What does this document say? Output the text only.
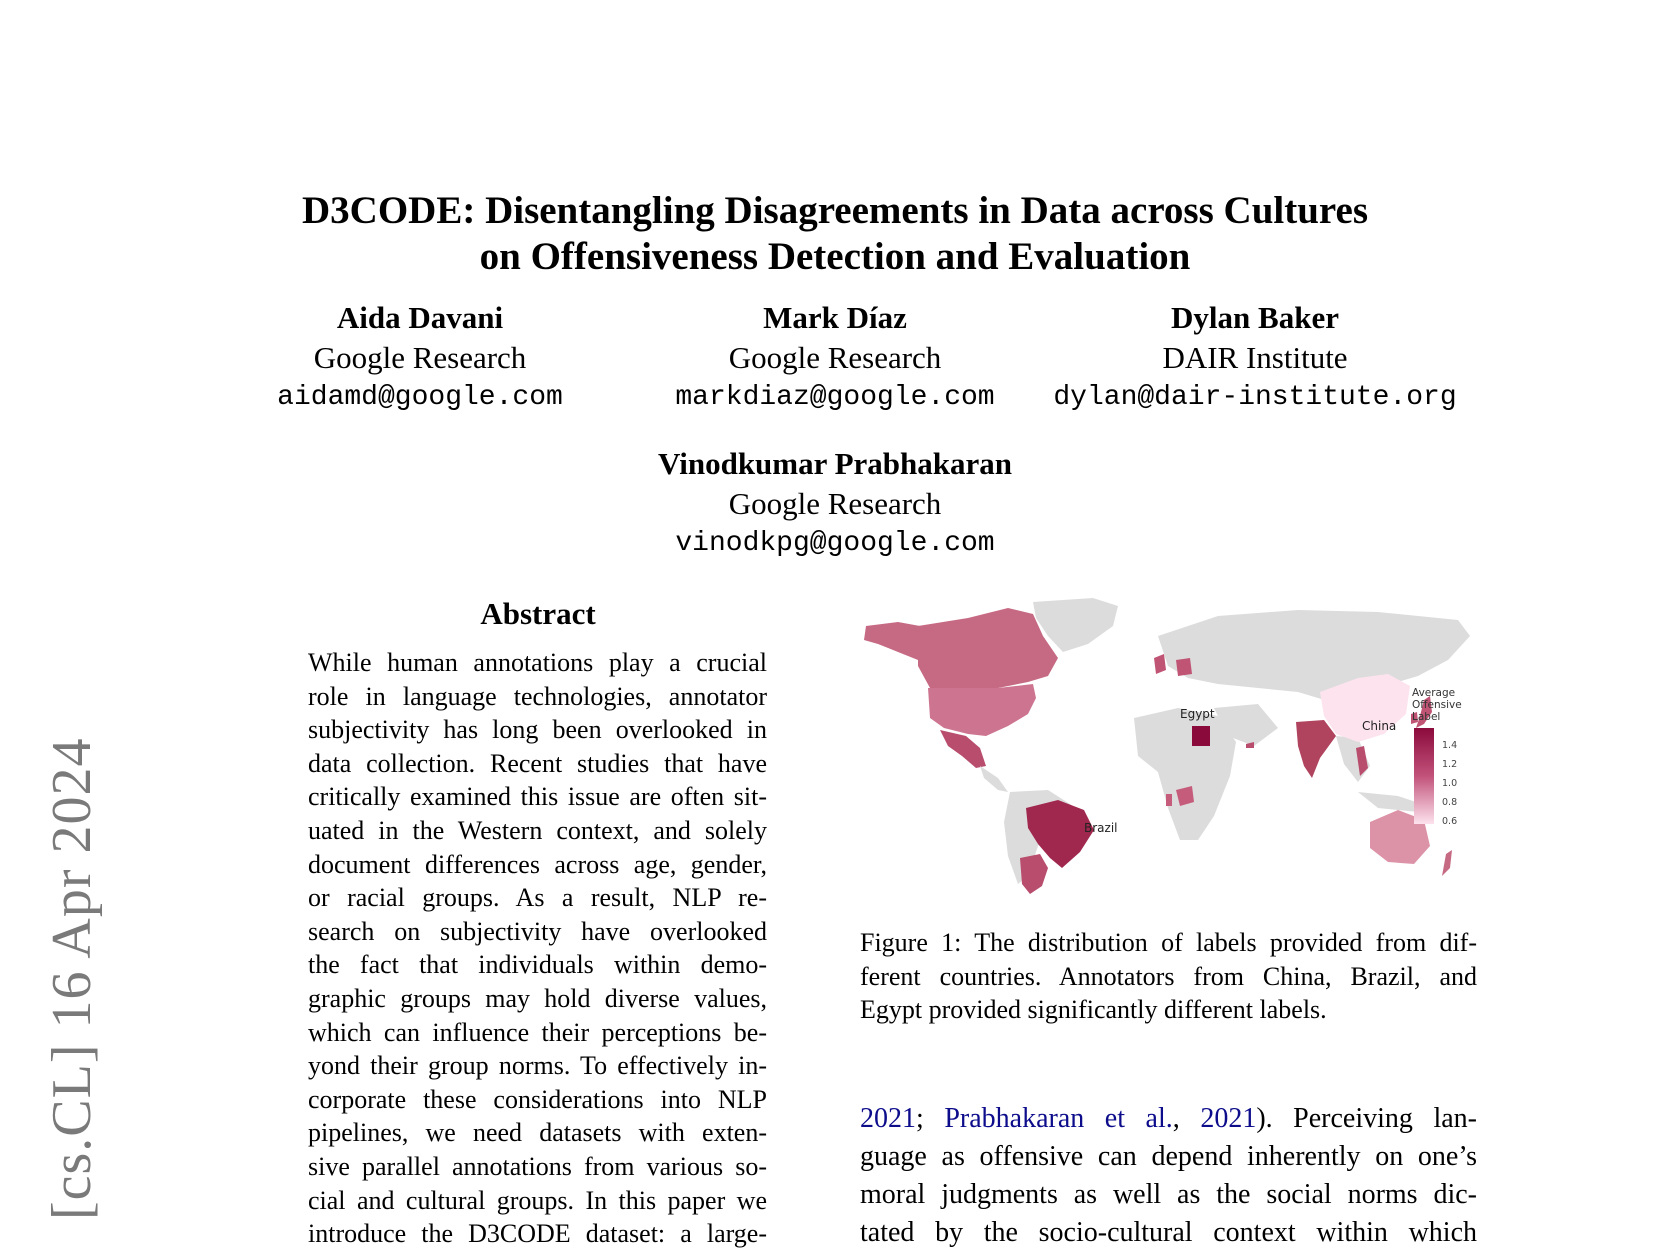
D3CODE: Disentangling Disagreements in Data across Cultures
on Offensiveness Detection and Evaluation
Aida Davani
Google Research
aidamd@google.com
Mark Díaz
Google Research
markdiaz@google.com
Dylan Baker
DAIR Institute
dylan@dair-institute.org
Vinodkumar Prabhakaran
Google Research
vinodkpg@google.com
[cs.CL] 16 Apr 2024
Abstract
While human annotations play a crucial
role in language technologies, annotator
subjectivity has long been overlooked in
data collection. Recent studies that have
critically examined this issue are often sit-
uated in the Western context, and solely
document differences across age, gender,
or racial groups. As a result, NLP re-
search on subjectivity have overlooked
the fact that individuals within demo-
graphic groups may hold diverse values,
which can influence their perceptions be-
yond their group norms. To effectively in-
corporate these considerations into NLP
pipelines, we need datasets with exten-
sive parallel annotations from various so-
cial and cultural groups. In this paper we
introduce the D3CODE dataset: a large-
Egypt
China
Brazil
Average
Offensive
Label
1.4
1.2
1.0
0.8
0.6
Figure 1: The distribution of labels provided from dif-
ferent countries. Annotators from China, Brazil, and
Egypt provided significantly different labels.
2021; Prabhakaran et al., 2021). Perceiving lan-
guage as offensive can depend inherently on one’s
moral judgments as well as the social norms dic-
tated by the socio-cultural context within which
